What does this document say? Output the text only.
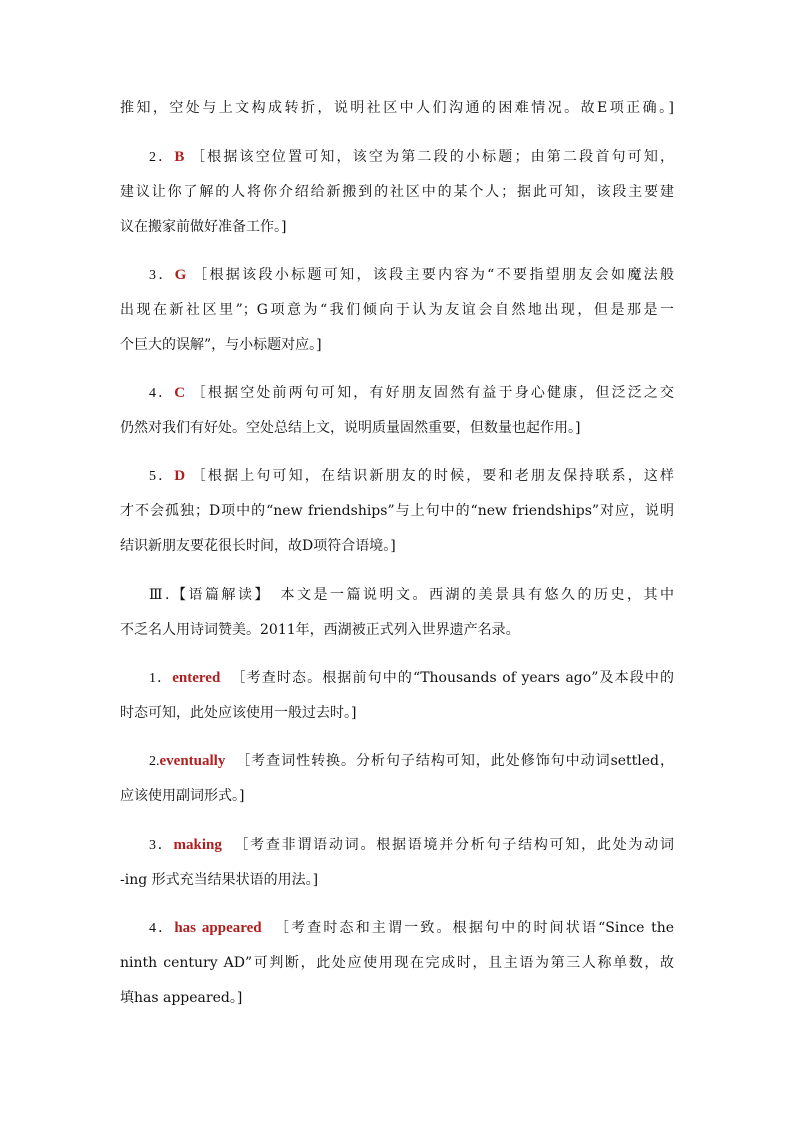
推知，空处与上文构成转折，说明社区中人们沟通的困难情况。故E项正确。]
2．B ［根据该空位置可知，该空为第二段的小标题；由第二段首句可知，
建议让你了解的人将你介绍给新搬到的社区中的某个人；据此可知，该段主要建
议在搬家前做好准备工作。]
3．G ［根据该段小标题可知，该段主要内容为“不要指望朋友会如魔法般
出现在新社区里”；G项意为“我们倾向于认为友谊会自然地出现，但是那是一
个巨大的误解”，与小标题对应。]
4．C ［根据空处前两句可知，有好朋友固然有益于身心健康，但泛泛之交
仍然对我们有好处。空处总结上文，说明质量固然重要，但数量也起作用。]
5．D ［根据上句可知，在结识新朋友的时候，要和老朋友保持联系，这样
才不会孤独；D项中的“new friendships”与上句中的“new friendships”对应，说明
结识新朋友要花很长时间，故D项符合语境。]
Ⅲ.【语篇解读】　本文是一篇说明文。西湖的美景具有悠久的历史，其中
不乏名人用诗词赞美。2011年，西湖被正式列入世界遗产名录。
1．entered ［考查时态。根据前句中的“Thousands of years ago”及本段中的
时态可知，此处应该使用一般过去时。]
2.eventually ［考查词性转换。分析句子结构可知，此处修饰句中动词settled，
应该使用副词形式。]
3．making ［考查非谓语动词。根据语境并分析句子结构可知，此处为动词
-ing 形式充当结果状语的用法。]
4．has appeared ［考查时态和主谓一致。根据句中的时间状语“Since the
ninth century AD”可判断，此处应使用现在完成时，且主语为第三人称单数，故
填has appeared。]
